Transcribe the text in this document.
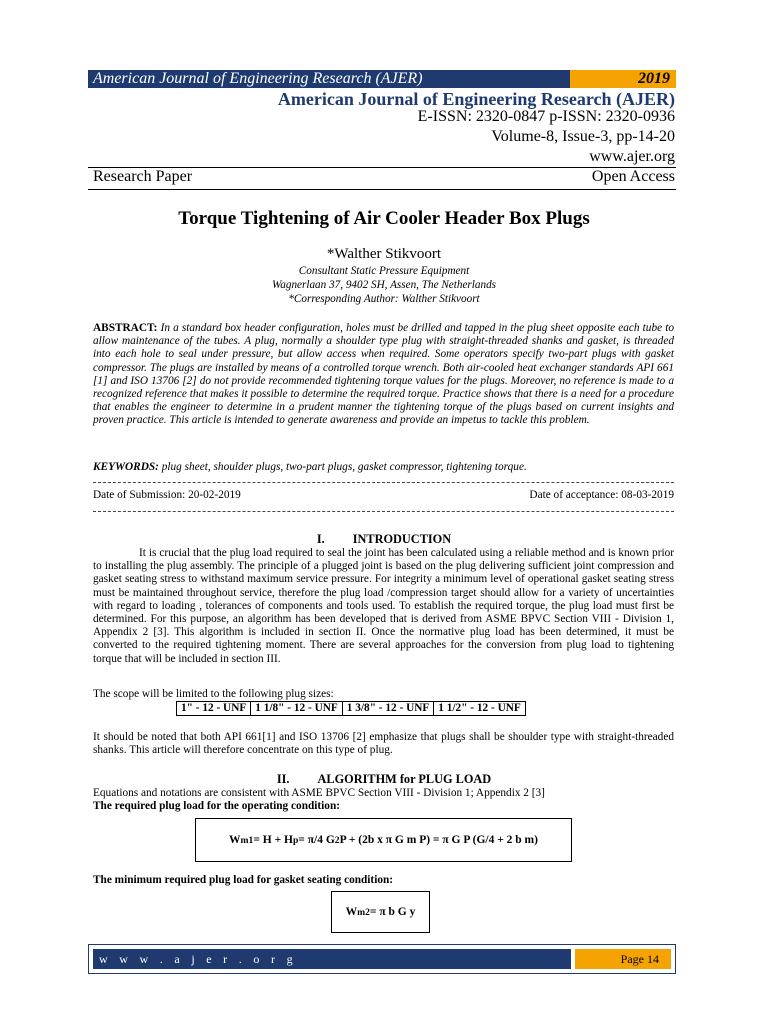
American Journal of Engineering Research (AJER)	2019
American Journal of Engineering Research (AJER)
E-ISSN: 2320-0847 p-ISSN: 2320-0936
Volume-8, Issue-3, pp-14-20
www.ajer.org
Research Paper	Open Access
Torque Tightening of Air Cooler Header Box Plugs
*Walther Stikvoort
Consultant Static Pressure Equipment
Wagnerlaan 37, 9402 SH, Assen, The Netherlands
*Corresponding Author: Walther Stikvoort
ABSTRACT: In a standard box header configuration, holes must be drilled and tapped in the plug sheet opposite each tube to allow maintenance of the tubes. A plug, normally a shoulder type plug with straight-threaded shanks and gasket, is threaded into each hole to seal under pressure, but allow access when required. Some operators specify two-part plugs with gasket compressor. The plugs are installed by means of a controlled torque wrench. Both air-cooled heat exchanger standards API 661 [1] and ISO 13706 [2] do not provide recommended tightening torque values for the plugs. Moreover, no reference is made to a recognized reference that makes it possible to determine the required torque. Practice shows that there is a need for a procedure that enables the engineer to determine in a prudent manner the tightening torque of the plugs based on current insights and proven practice. This article is intended to generate awareness and provide an impetus to tackle this problem.
KEYWORDS: plug sheet, shoulder plugs, two-part plugs, gasket compressor, tightening torque.
Date of Submission: 20-02-2019	Date of acceptance: 08-03-2019
I. INTRODUCTION

It is crucial that the plug load required to seal the joint has been calculated using a reliable method and is known prior to installing the plug assembly. The principle of a plugged joint is based on the plug delivering sufficient joint compression and gasket seating stress to withstand maximum service pressure. For integrity a minimum level of operational gasket seating stress must be maintained throughout service, therefore the plug load /compression target should allow for a variety of uncertainties with regard to loading , tolerances of components and tools used. To establish the required torque, the plug load must first be determined. For this purpose, an algorithm has been developed that is derived from ASME BPVC Section VIII - Division 1, Appendix 2 [3]. This algorithm is included in section II. Once the normative plug load has been determined, it must be converted to the required tightening moment. There are several approaches for the conversion from plug load to tightening torque that will be included in section III.

The scope will be limited to the following plug sizes:
1" - 12 - UNF	1 1/8" - 12 - UNF	1 3/8" - 12 - UNF	1 1/2" - 12 - UNF
It should be noted that both API 661[1] and ISO 13706 [2] emphasize that plugs shall be shoulder type with straight-threaded shanks. This article will therefore concentrate on this type of plug.
II. ALGORITHM for PLUG LOAD
Equations and notations are consistent with ASME BPVC Section VIII - Division 1; Appendix 2 [3]
The required plug load for the operating condition:
W m1 = H + H p = π/4 G 2 P + (2b x π G m P) = π G P (G/4 + 2 b m)
The minimum required plug load for gasket seating condition:
W m2 = π b G y
w w w . a j e r . o r g	Page 14
